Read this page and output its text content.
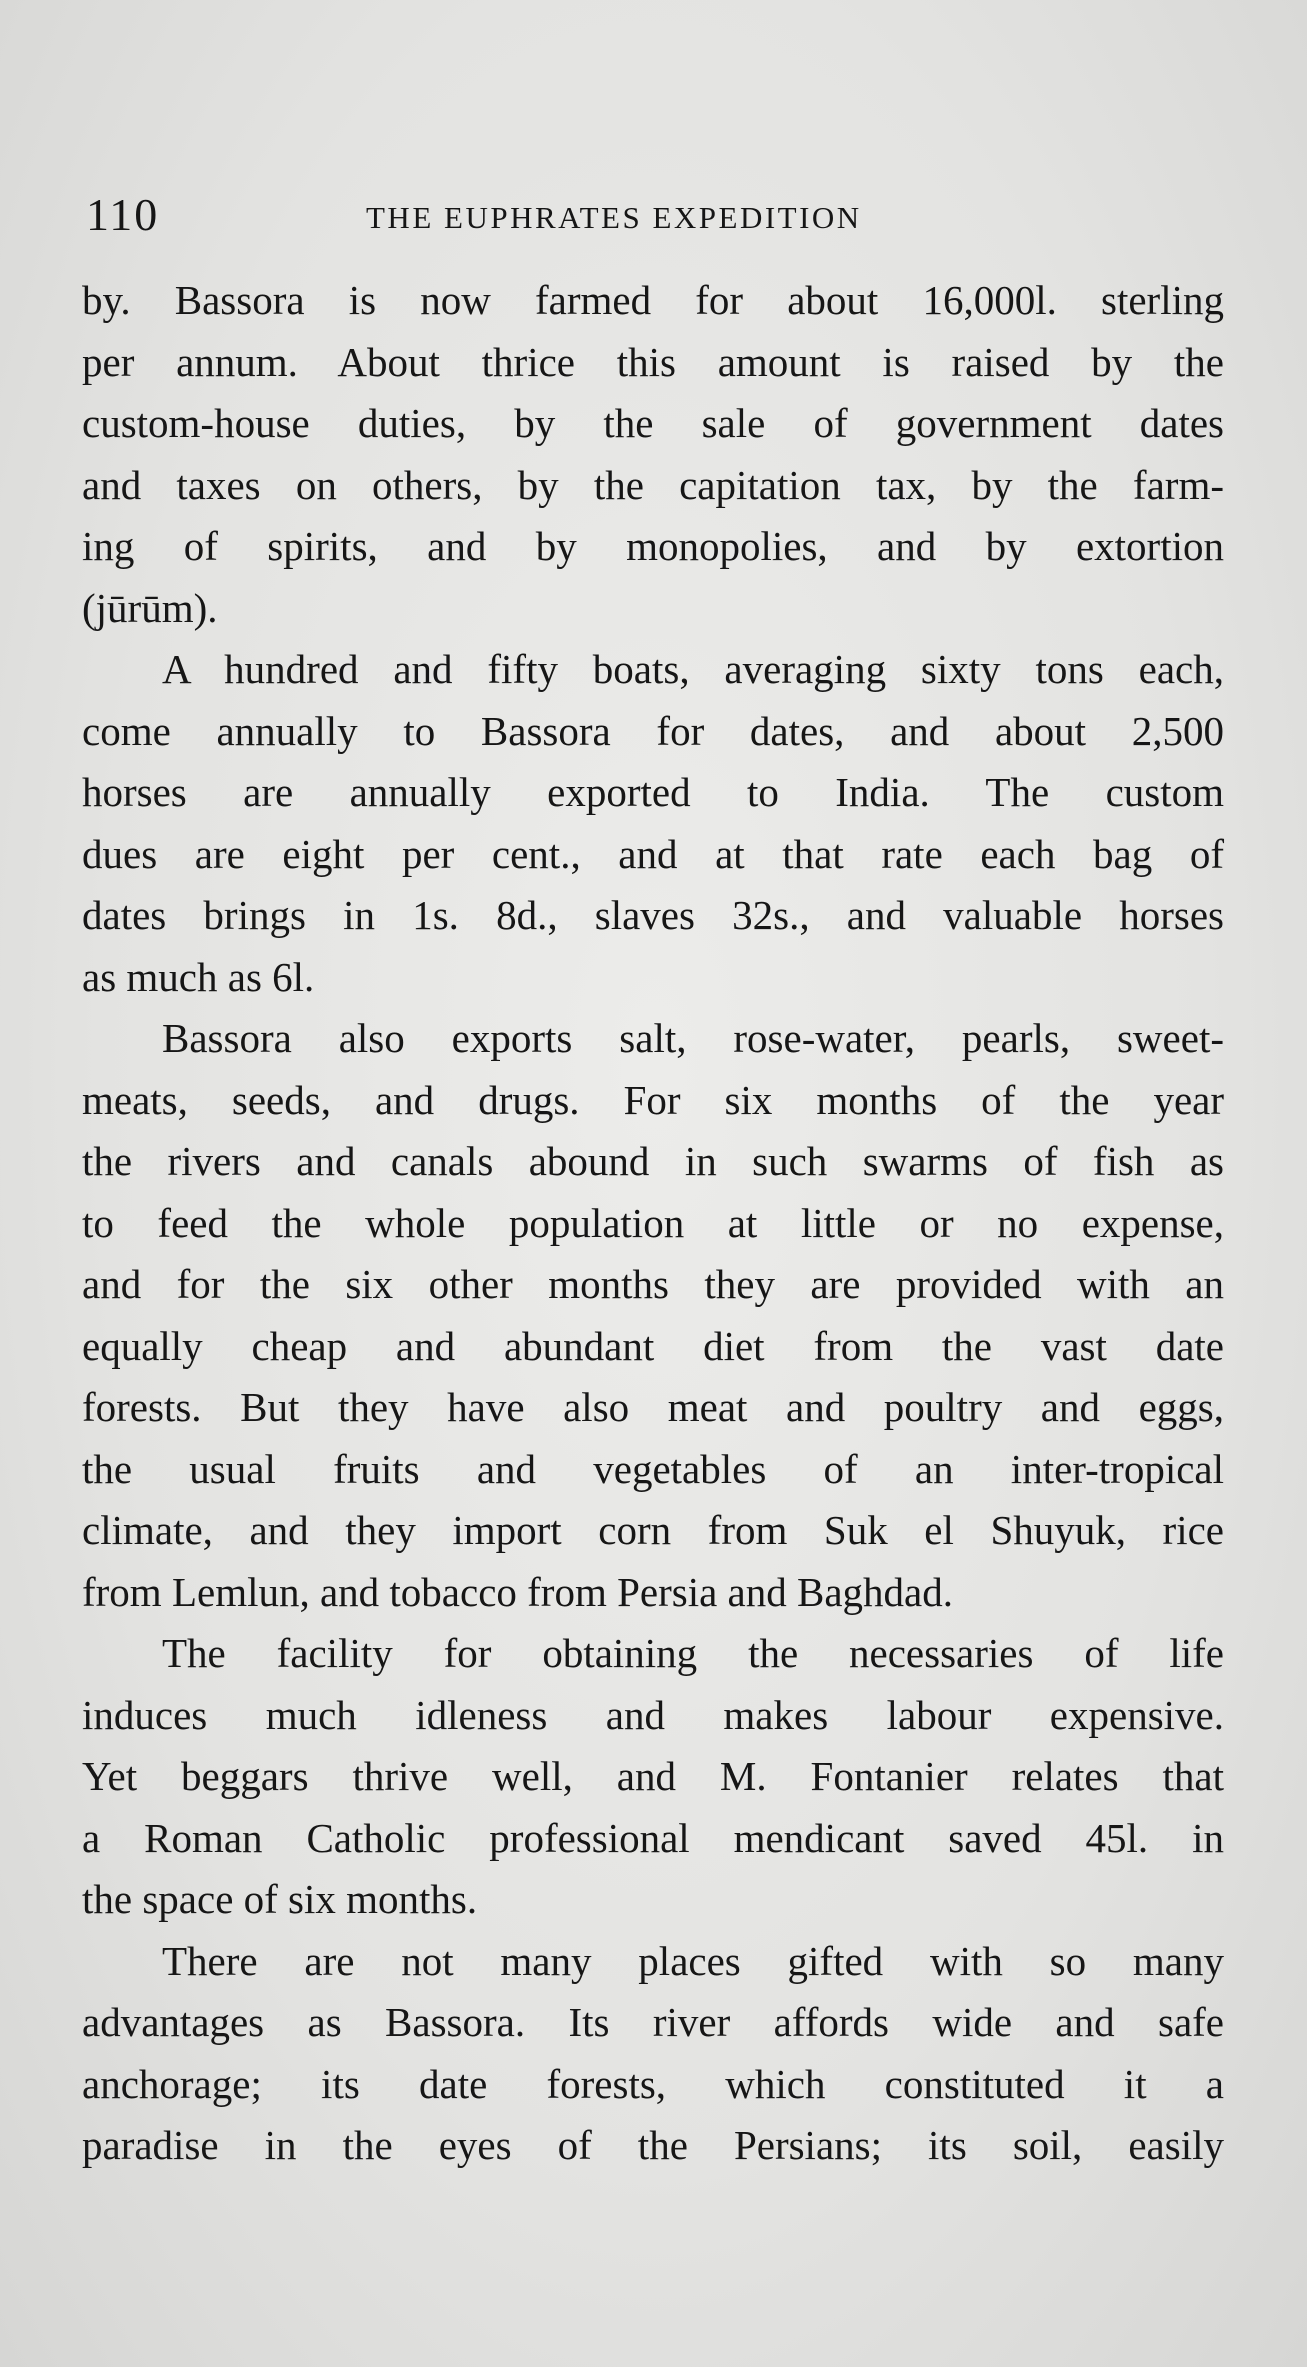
110	THE EUPHRATES EXPEDITION
by. Bassora is now farmed for about 16,000l. sterling
per annum. About thrice this amount is raised by the
custom-house duties, by the sale of government dates
and taxes on others, by the capitation tax, by the farm-
ing of spirits, and by monopolies, and by extortion
(jūrūm).
A hundred and fifty boats, averaging sixty tons each,
come annually to Bassora for dates, and about 2,500
horses are annually exported to India. The custom
dues are eight per cent., and at that rate each bag of
dates brings in 1s. 8d., slaves 32s., and valuable horses
as much as 6l.
Bassora also exports salt, rose-water, pearls, sweet-
meats, seeds, and drugs. For six months of the year
the rivers and canals abound in such swarms of fish as
to feed the whole population at little or no expense,
and for the six other months they are provided with an
equally cheap and abundant diet from the vast date
forests. But they have also meat and poultry and eggs,
the usual fruits and vegetables of an inter-tropical
climate, and they import corn from Suk el Shuyuk, rice
from Lemlun, and tobacco from Persia and Baghdad.
The facility for obtaining the necessaries of life
induces much idleness and makes labour expensive.
Yet beggars thrive well, and M. Fontanier relates that
a Roman Catholic professional mendicant saved 45l. in
the space of six months.
There are not many places gifted with so many
advantages as Bassora. Its river affords wide and safe
anchorage; its date forests, which constituted it a
paradise in the eyes of the Persians; its soil, easily
